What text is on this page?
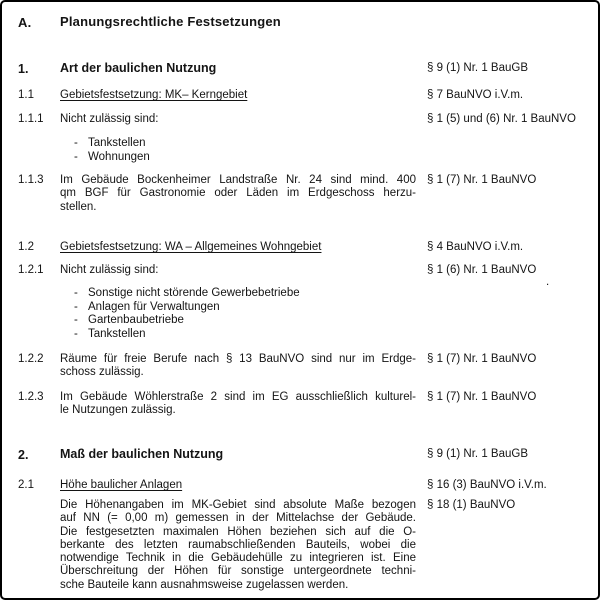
A. Planungsrechtliche Festsetzungen
1.	Art der baulichen Nutzung	§ 9 (1) Nr. 1 BauGB
1.1 Gebietsfestsetzung: MK– Kerngebiet	§ 7 BauNVO i.V.m.
1.1.1 Nicht zulässig sind:	§ 1 (5) und (6) Nr. 1 BauNVO
- Tankstellen
- Wohnungen
1.1.3 Im Gebäude Bockenheimer Landstraße Nr. 24 sind mind. 400
qm BGF für Gastronomie oder Läden im Erdgeschoss herzu-
stellen.
§ 1 (7) Nr. 1 BauNVO
1.2 Gebietsfestsetzung: WA – Allgemeines Wohngebiet	§ 4 BauNVO i.V.m.
1.2.1 Nicht zulässig sind:	§ 1 (6) Nr. 1 BauNVO
- Sonstige nicht störende Gewerbebetriebe
- Anlagen für Verwaltungen
- Gartenbaubetriebe
- Tankstellen
1.2.2 Räume für freie Berufe nach § 13 BauNVO sind nur im Erdge-
schoss zulässig.
§ 1 (7) Nr. 1 BauNVO
1.2.3 Im Gebäude Wöhlerstraße 2 sind im EG ausschließlich kulturel-
le Nutzungen zulässig.
§ 1 (7) Nr. 1 BauNVO
2.	Maß der baulichen Nutzung	§ 9 (1) Nr. 1 BauGB
2.1 Höhe baulicher Anlagen	§ 16 (3) BauNVO i.V.m.
Die Höhenangaben im MK-Gebiet sind absolute Maße bezogen
auf NN (= 0,00 m) gemessen in der Mittelachse der Gebäude.
Die festgesetzten maximalen Höhen beziehen sich auf die O-
berkante des letzten raumabschließenden Bauteils, wobei die
notwendige Technik in die Gebäudehülle zu integrieren ist. Eine
Überschreitung der Höhen für sonstige untergeordnete techni-
sche Bauteile kann ausnahmsweise zugelassen werden.
§ 18 (1) BauNVO
.
